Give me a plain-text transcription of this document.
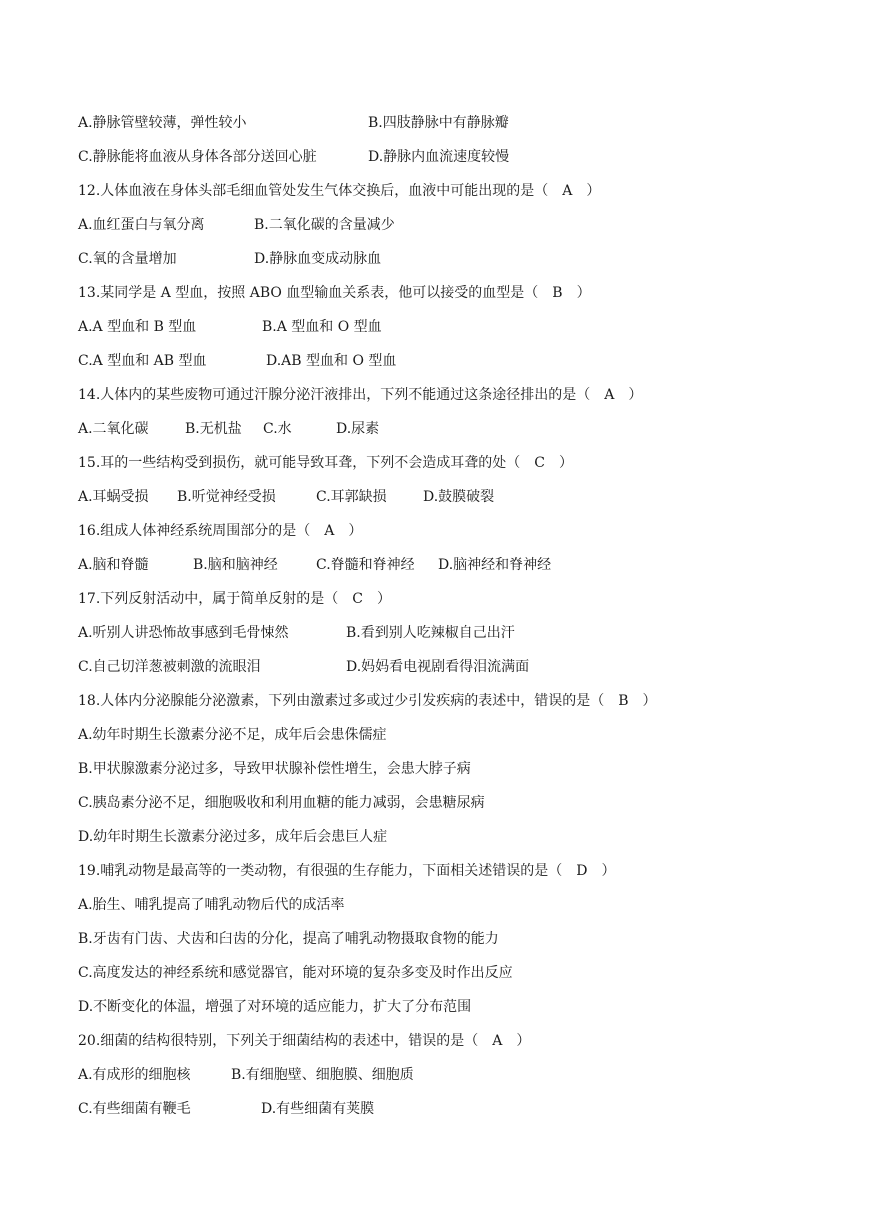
A.静脉管壁较薄，弹性较小	B.四肢静脉中有静脉瓣
C.静脉能将血液从身体各部分送回心脏	D.静脉内血流速度较慢
12.人体血液在身体头部毛细血管处发生气体交换后，血液中可能出现的是（　A　）
A.血红蛋白与氧分离	B.二氧化碳的含量减少
C.氧的含量增加	D.静脉血变成动脉血
13.某同学是 A 型血，按照 ABO 血型输血关系表，他可以接受的血型是（　B　）
A.A 型血和 B 型血	B.A 型血和 O 型血
C.A 型血和 AB 型血	D.AB 型血和 O 型血
14.人体内的某些废物可通过汗腺分泌汗液排出，下列不能通过这条途径排出的是（　A　）
A.二氧化碳	B.无机盐 C.水	D.尿素
15.耳的一些结构受到损伤，就可能导致耳聋，下列不会造成耳聋的处（　C　）
A.耳蜗受损 B.听觉神经受损	C.耳郭缺损	D.鼓膜破裂
16.组成人体神经系统周围部分的是（　A　）
A.脑和脊髓	B.脑和脑神经	C.脊髓和脊神经 D.脑神经和脊神经
17.下列反射活动中，属于简单反射的是（　C　）
A.听别人讲恐怖故事感到毛骨悚然	B.看到别人吃辣椒自己出汗
C.自己切洋葱被刺激的流眼泪	D.妈妈看电视剧看得泪流满面
18.人体内分泌腺能分泌激素，下列由激素过多或过少引发疾病的表述中，错误的是（　B　）
A.幼年时期生长激素分泌不足，成年后会患侏儒症
B.甲状腺激素分泌过多，导致甲状腺补偿性增生，会患大脖子病
C.胰岛素分泌不足，细胞吸收和利用血糖的能力减弱，会患糖尿病
D.幼年时期生长激素分泌过多，成年后会患巨人症
19.哺乳动物是最高等的一类动物，有很强的生存能力，下面相关述错误的是（　D　）
A.胎生、哺乳提高了哺乳动物后代的成活率
B.牙齿有门齿、犬齿和臼齿的分化，提高了哺乳动物摄取食物的能力
C.高度发达的神经系统和感觉器官，能对环境的复杂多变及时作出反应
D.不断变化的体温，增强了对环境的适应能力，扩大了分布范围
20.细菌的结构很特别，下列关于细菌结构的表述中，错误的是（　A　）
A.有成形的细胞核	B.有细胞壁、细胞膜、细胞质
C.有些细菌有鞭毛	D.有些细菌有荚膜
